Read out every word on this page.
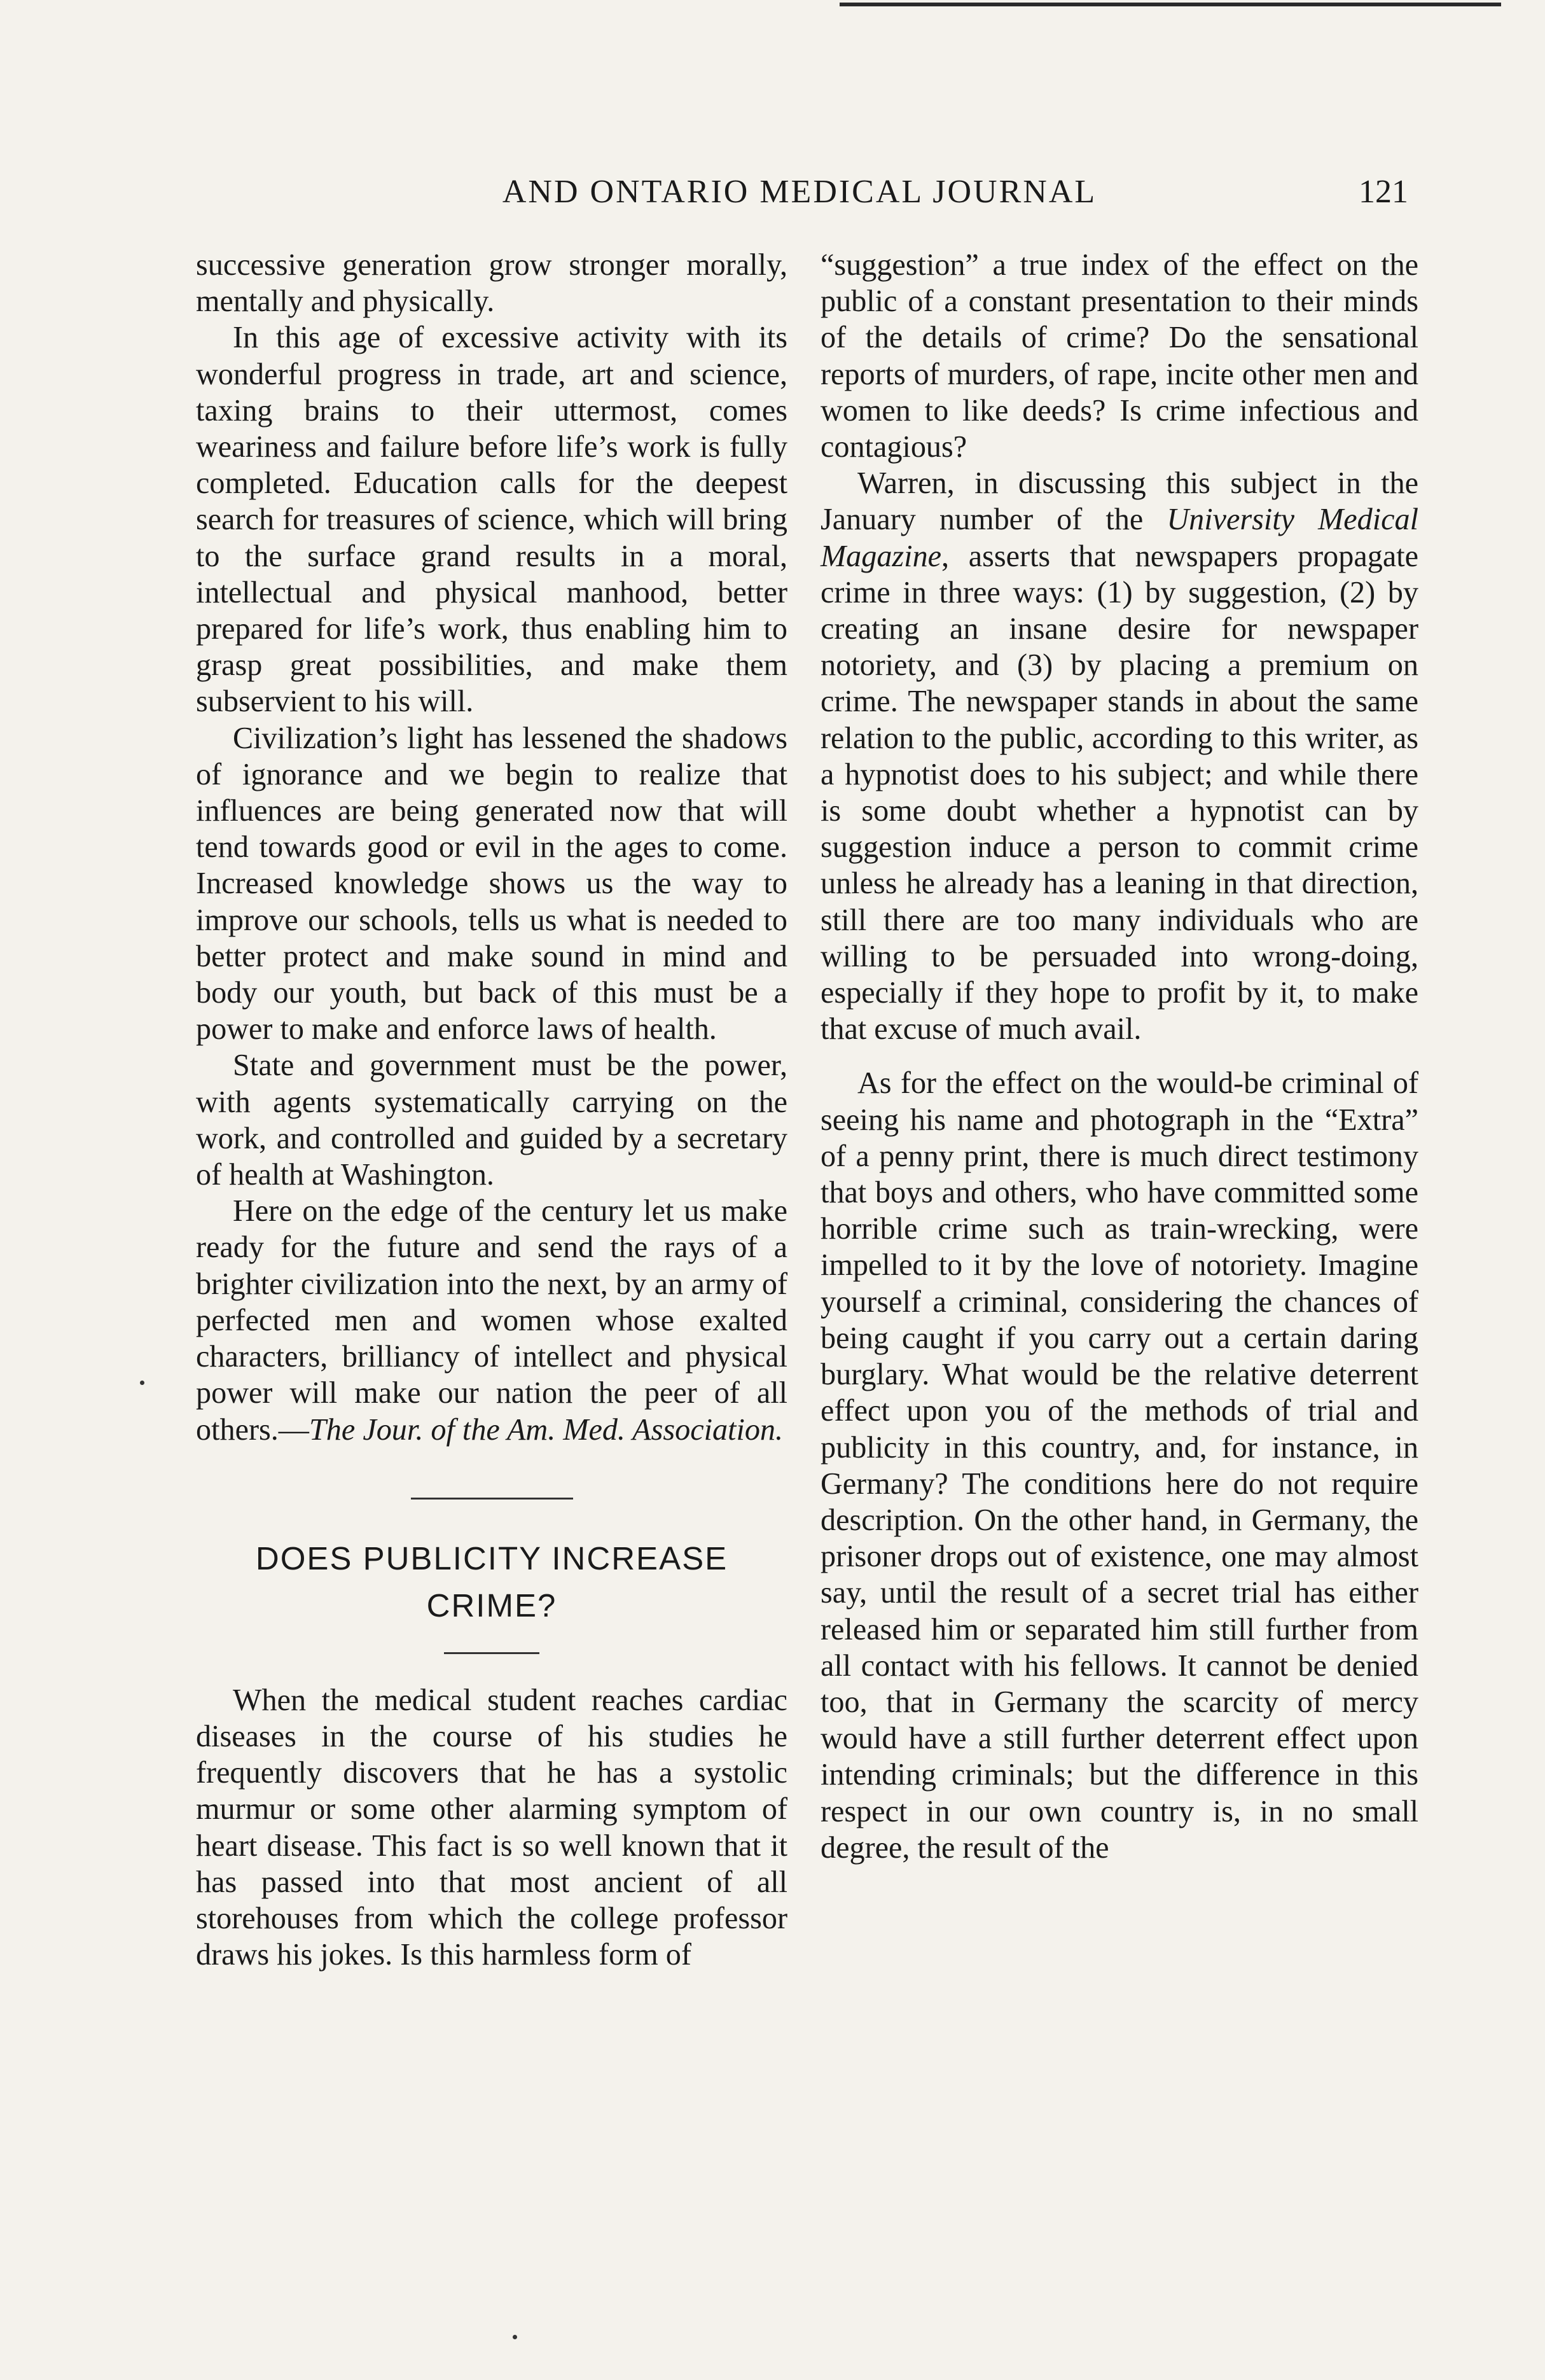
AND ONTARIO MEDICAL JOURNAL	121

successive generation grow stronger morally, mentally and physically.

In this age of excessive activity with its wonderful progress in trade, art and science, taxing brains to their uttermost, comes weariness and failure before life’s work is fully completed. Education calls for the deepest search for treasures of science, which will bring to the surface grand results in a moral, intellectual and physical manhood, better prepared for life’s work, thus enabling him to grasp great possibilities, and make them subservient to his will.

Civilization’s light has lessened the shadows of ignorance and we begin to realize that influences are being generated now that will tend towards good or evil in the ages to come. Increased knowledge shows us the way to improve our schools, tells us what is needed to better protect and make sound in mind and body our youth, but back of this must be a power to make and enforce laws of health.

State and government must be the power, with agents systematically carrying on the work, and controlled and guided by a secretary of health at Washington.

Here on the edge of the century let us make ready for the future and send the rays of a brighter civilization into the next, by an army of perfected men and women whose exalted characters, brilliancy of intellect and physical power will make our nation the peer of all others.—The Jour. of the Am. Med. Association.

DOES PUBLICITY INCREASE
CRIME?

When the medical student reaches cardiac diseases in the course of his studies he frequently discovers that he has a systolic murmur or some other alarming symptom of heart disease. This fact is so well known that it has passed into that most ancient of all storehouses from which the college professor draws his jokes. Is this harmless form of

“suggestion” a true index of the effect on the public of a constant presentation to their minds of the details of crime? Do the sensational reports of murders, of rape, incite other men and women to like deeds? Is crime infectious and contagious?

Warren, in discussing this subject in the January number of the University Medical Magazine, asserts that newspapers propagate crime in three ways: (1) by suggestion, (2) by creating an insane desire for newspaper notoriety, and (3) by placing a premium on crime. The newspaper stands in about the same relation to the public, according to this writer, as a hypnotist does to his subject; and while there is some doubt whether a hypnotist can by suggestion induce a person to commit crime unless he already has a leaning in that direction, still there are too many individuals who are willing to be persuaded into wrong-doing, especially if they hope to profit by it, to make that excuse of much avail.

As for the effect on the would-be criminal of seeing his name and photograph in the “Extra” of a penny print, there is much direct testimony that boys and others, who have committed some horrible crime such as train-wrecking, were impelled to it by the love of notoriety. Imagine yourself a criminal, considering the chances of being caught if you carry out a certain daring burglary. What would be the relative deterrent effect upon you of the methods of trial and publicity in this country, and, for instance, in Germany? The conditions here do not require description. On the other hand, in Germany, the prisoner drops out of existence, one may almost say, until the result of a secret trial has either released him or separated him still further from all contact with his fellows. It cannot be denied too, that in Germany the scarcity of mercy would have a still further deterrent effect upon intending criminals; but the difference in this respect in our own country is, in no small degree, the result of the
